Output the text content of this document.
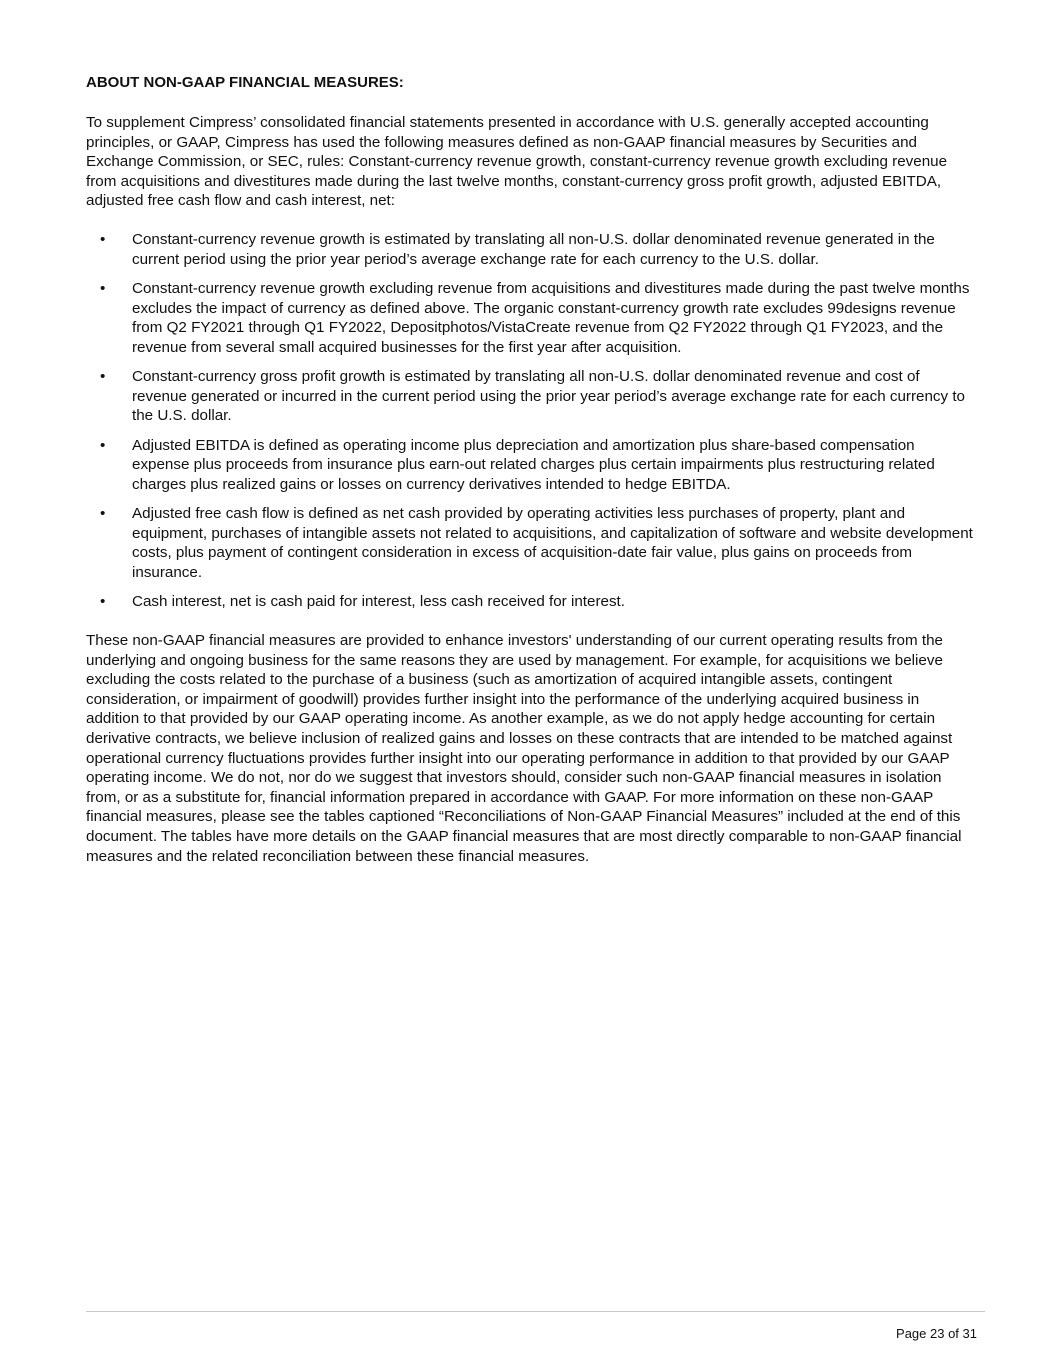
ABOUT NON-GAAP FINANCIAL MEASURES:

To supplement Cimpress’ consolidated financial statements presented in accordance with U.S. generally accepted accounting principles, or GAAP, Cimpress has used the following measures defined as non-GAAP financial measures by Securities and Exchange Commission, or SEC, rules: Constant-currency revenue growth, constant-currency revenue growth excluding revenue from acquisitions and divestitures made during the last twelve months, constant-currency gross profit growth, adjusted EBITDA, adjusted free cash flow and cash interest, net:

• Constant-currency revenue growth is estimated by translating all non-U.S. dollar denominated revenue generated in the current period using the prior year period’s average exchange rate for each currency to the U.S. dollar.
• Constant-currency revenue growth excluding revenue from acquisitions and divestitures made during the past twelve months excludes the impact of currency as defined above. The organic constant-currency growth rate excludes 99designs revenue from Q2 FY2021 through Q1 FY2022, Depositphotos/VistaCreate revenue from Q2 FY2022 through Q1 FY2023, and the revenue from several small acquired businesses for the first year after acquisition.
• Constant-currency gross profit growth is estimated by translating all non-U.S. dollar denominated revenue and cost of revenue generated or incurred in the current period using the prior year period’s average exchange rate for each currency to the U.S. dollar.
• Adjusted EBITDA is defined as operating income plus depreciation and amortization plus share-based compensation expense plus proceeds from insurance plus earn-out related charges plus certain impairments plus restructuring related charges plus realized gains or losses on currency derivatives intended to hedge EBITDA.
• Adjusted free cash flow is defined as net cash provided by operating activities less purchases of property, plant and equipment, purchases of intangible assets not related to acquisitions, and capitalization of software and website development costs, plus payment of contingent consideration in excess of acquisition-date fair value, plus gains on proceeds from insurance.
• Cash interest, net is cash paid for interest, less cash received for interest.

These non-GAAP financial measures are provided to enhance investors' understanding of our current operating results from the underlying and ongoing business for the same reasons they are used by management. For example, for acquisitions we believe excluding the costs related to the purchase of a business (such as amortization of acquired intangible assets, contingent consideration, or impairment of goodwill) provides further insight into the performance of the underlying acquired business in addition to that provided by our GAAP operating income. As another example, as we do not apply hedge accounting for certain derivative contracts, we believe inclusion of realized gains and losses on these contracts that are intended to be matched against operational currency fluctuations provides further insight into our operating performance in addition to that provided by our GAAP operating income. We do not, nor do we suggest that investors should, consider such non-GAAP financial measures in isolation from, or as a substitute for, financial information prepared in accordance with GAAP. For more information on these non-GAAP financial measures, please see the tables captioned “Reconciliations of Non-GAAP Financial Measures” included at the end of this document. The tables have more details on the GAAP financial measures that are most directly comparable to non-GAAP financial measures and the related reconciliation between these financial measures.

Page 23 of 31
